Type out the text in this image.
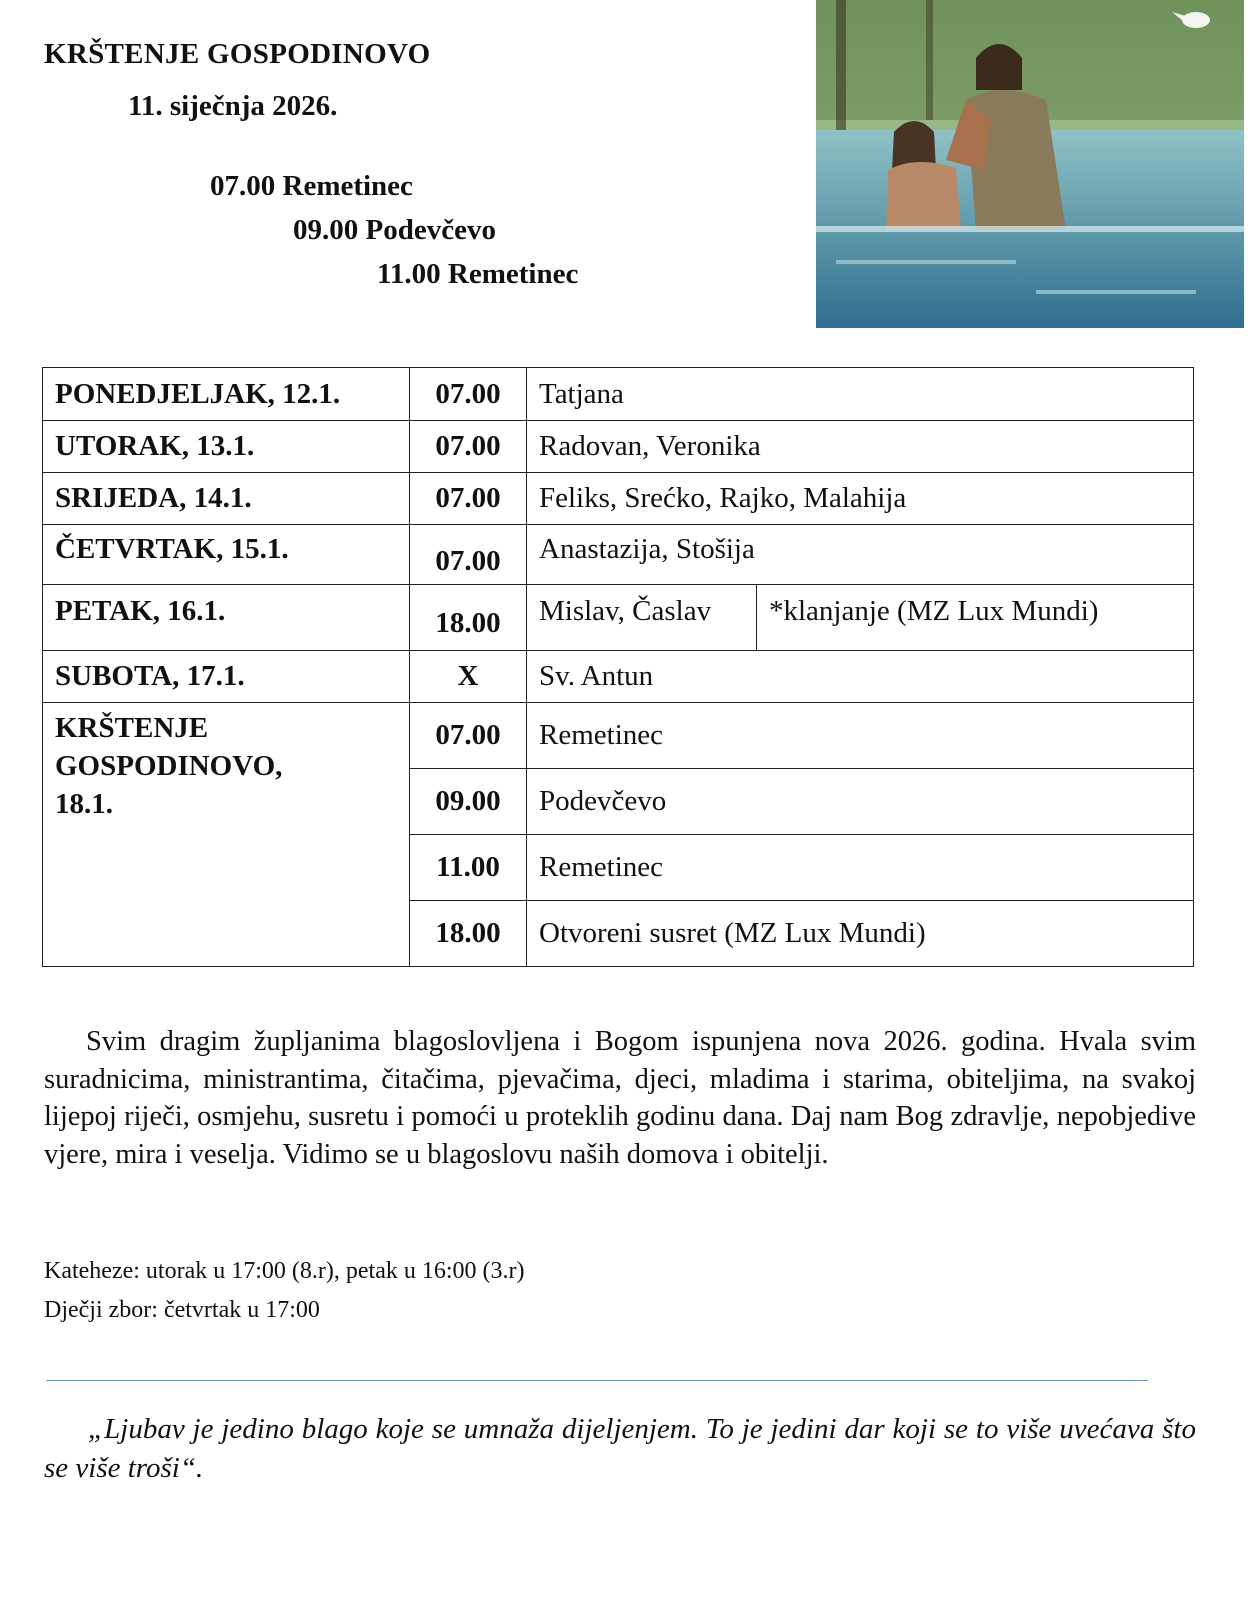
KRŠTENJE GOSPODINOVO
11. siječnja 2026.
07.00 Remetinec
09.00 Podevčevo
11.00 Remetinec
PONEDJELJAK, 12.1.	07.00	Tatjana	
UTORAK, 13.1.	07.00	Radovan, Veronika	
SRIJEDA, 14.1.	07.00	Feliks, Srećko, Rajko, Malahija	
ČETVRTAK, 15.1.	07.00	Anastazija, Stošija	
PETAK, 16.1.	18.00	Mislav, Časlav	*klanjanje (MZ Lux Mundi)
SUBOTA, 17.1.	X	Sv. Antun	
KRŠTENJE
GOSPODINOVO,
18.1.	07.00	Remetinec	
	09.00	Podevčevo	
	11.00	Remetinec	
	18.00	Otvoreni susret (MZ Lux Mundi)	
Svim dragim župljanima blagoslovljena i Bogom ispunjena nova 2026. godina. Hvala svim suradnicima, ministrantima, čitačima, pjevačima, djeci, mladima i starima, obiteljima, na svakoj lijepoj riječi, osmjehu, susretu i pomoći u proteklih godinu dana. Daj nam Bog zdravlje, nepobjedive vjere, mira i veselja. Vidimo se u blagoslovu naših domova i obitelji.
Kateheze: utorak u 17:00 (8.r), petak u 16:00 (3.r)
Dječji zbor: četvrtak u 17:00
„Ljubav je jedino blago koje se umnaža dijeljenjem. To je jedini dar koji se to više uvećava što se više troši“.
